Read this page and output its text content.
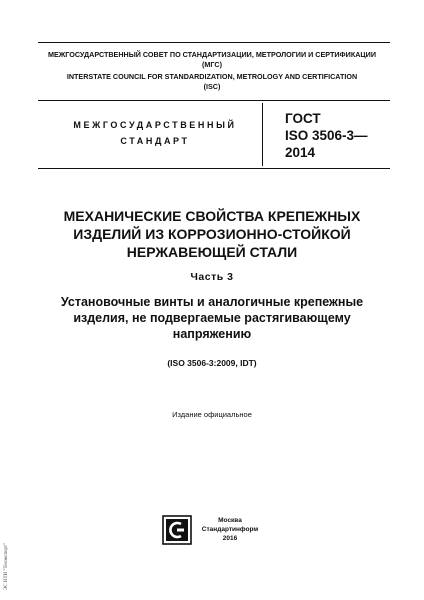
МЕЖГОСУДАРСТВЕННЫЙ СОВЕТ ПО СТАНДАРТИЗАЦИИ, МЕТРОЛОГИИ И СЕРТИФИКАЦИИ
(МГС)
INTERSTATE COUNCIL FOR STANDARDIZATION, METROLOGY AND CERTIFICATION
(ISC)
МЕЖГОСУДАРСТВЕННЫЙ
СТАНДАРТ
ГОСТ
ISO 3506-3—
2014
МЕХАНИЧЕСКИЕ СВОЙСТВА КРЕПЕЖНЫХ
ИЗДЕЛИЙ ИЗ КОРРОЗИОННО-СТОЙКОЙ
НЕРЖАВЕЮЩЕЙ СТАЛИ
Часть 3
Установочные винты и аналогичные крепежные
изделия, не подвергаемые растягивающему
напряжению
(ISO 3506-3:2009, IDT)
Издание официальное
Москва
Стандартинформ
2016
ЭС НТИ "Техэксперт"
